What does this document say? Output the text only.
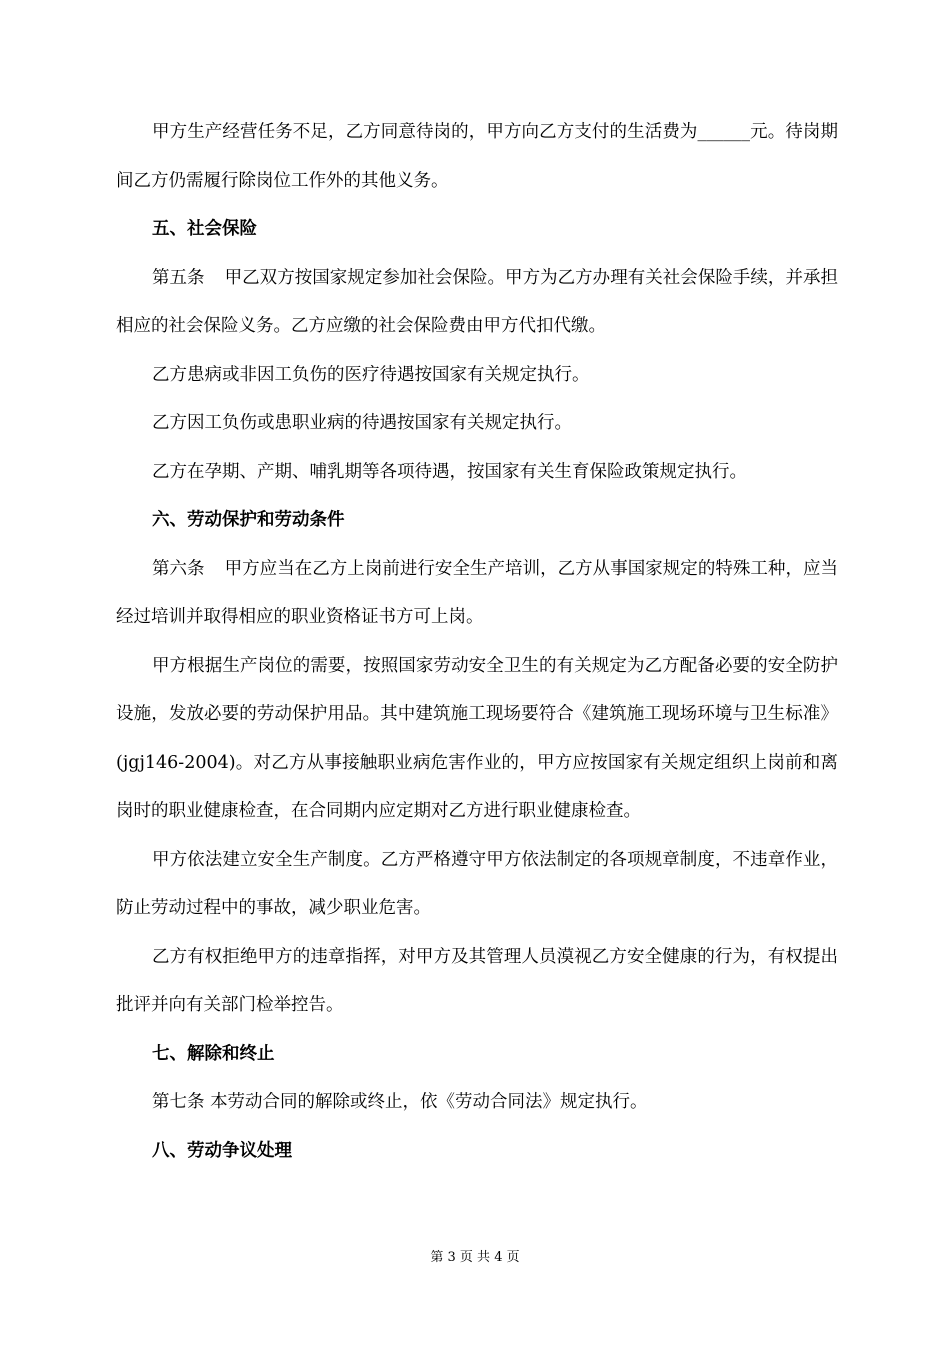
甲方生产经营任务不足，乙方同意待岗的，甲方向乙方支付的生活费为______元。待岗期间乙方仍需履行除岗位工作外的其他义务。

五、社会保险

第五条 甲乙双方按国家规定参加社会保险。甲方为乙方办理有关社会保险手续，并承担相应的社会保险义务。乙方应缴的社会保险费由甲方代扣代缴。

乙方患病或非因工负伤的医疗待遇按国家有关规定执行。

乙方因工负伤或患职业病的待遇按国家有关规定执行。

乙方在孕期、产期、哺乳期等各项待遇，按国家有关生育保险政策规定执行。

六、劳动保护和劳动条件

第六条 甲方应当在乙方上岗前进行安全生产培训，乙方从事国家规定的特殊工种，应当经过培训并取得相应的职业资格证书方可上岗。

甲方根据生产岗位的需要，按照国家劳动安全卫生的有关规定为乙方配备必要的安全防护设施，发放必要的劳动保护用品。其中建筑施工现场要符合《建筑施工现场环境与卫生标准》(jgj146-2004)。对乙方从事接触职业病危害作业的，甲方应按国家有关规定组织上岗前和离岗时的职业健康检查，在合同期内应定期对乙方进行职业健康检查。

甲方依法建立安全生产制度。乙方严格遵守甲方依法制定的各项规章制度，不违章作业，防止劳动过程中的事故，减少职业危害。

乙方有权拒绝甲方的违章指挥，对甲方及其管理人员漠视乙方安全健康的行为，有权提出批评并向有关部门检举控告。

七、解除和终止

第七条 本劳动合同的解除或终止，依《劳动合同法》规定执行。

八、劳动争议处理

第 3 页 共 4 页
